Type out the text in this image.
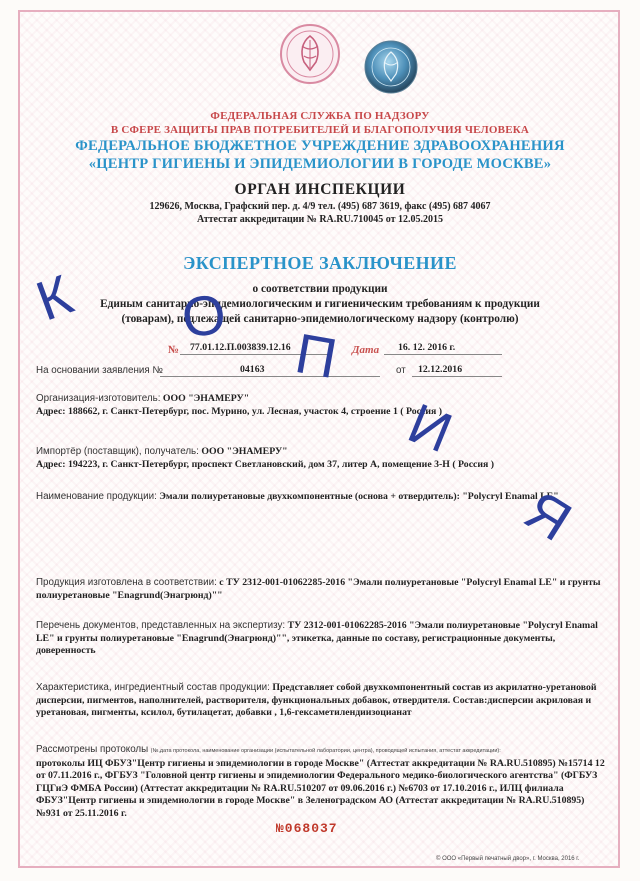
ФЕДЕРАЛЬНАЯ СЛУЖБА ПО НАДЗОРУ
В СФЕРЕ ЗАЩИТЫ ПРАВ ПОТРЕБИТЕЛЕЙ И БЛАГОПОЛУЧИЯ ЧЕЛОВЕКА
ФЕДЕРАЛЬНОЕ БЮДЖЕТНОЕ УЧРЕЖДЕНИЕ ЗДРАВООХРАНЕНИЯ
«ЦЕНТР ГИГИЕНЫ И ЭПИДЕМИОЛОГИИ В ГОРОДЕ МОСКВЕ»
ОРГАН ИНСПЕКЦИИ
129626, Москва, Графский пер. д. 4/9 тел. (495) 687 3619, факс (495) 687 4067
Аттестат аккредитации № RA.RU.710045 от 12.05.2015
ЭКСПЕРТНОЕ ЗАКЛЮЧЕНИЕ
о соответствии продукции
Единым санитарно-эпидемиологическим и гигиеническим требованиям к продукции
(товарам), подлежащей санитарно-эпидемиологическому надзору (контролю)
№ 77.01.12.П.003839.12.16	Дата 16. 12. 2016 г.
На основании заявления №	04163	от 12.12.2016
Организация-изготовитель: ООО "ЭНАМЕРУ"
Адрес: 188662, г. Санкт-Петербург, пос. Мурино, ул. Лесная, участок 4, строение 1 ( Россия )
Импортёр (поставщик), получатель: ООО "ЭНАМЕРУ"
Адрес: 194223, г. Санкт-Петербург, проспект Светлановский, дом 37, литер А, помещение 3-Н ( Россия )
Наименование продукции: Эмали полиуретановые двухкомпонентные (основа + отвердитель): "Polycryl Enamal LE"
Продукция изготовлена в соответствии: с ТУ 2312-001-01062285-2016 "Эмали полиуретановые "Polycryl Enamal LE" и грунты полиуретановые "Enagrund(Энагрюнд)""
Перечень документов, представленных на экспертизу: ТУ 2312-001-01062285-2016 "Эмали полиуретановые "Polycryl Enamal LE" и грунты полиуретановые "Enagrund(Энагрюнд)"", этикетка, данные по составу, регистрационные документы, доверенность
Характеристика, ингредиентный состав продукции: Представляет собой двухкомпонентный состав из акрилатно-уретановой дисперсии, пигментов, наполнителей, растворителя, функциональных добавок, отвердителя. Состав:дисперсии акриловая и уретановая, пигменты, ксилол, бутилацетат, добавки , 1,6-гексаметилендиизоцианат
Рассмотрены протоколы (№,дата протокола, наименование организации (испытательной лаборатории, центра), проводящей испытания, аттестат аккредитации):
протоколы ИЦ ФБУЗ"Центр гигиены и эпидемиологии в городе Москве" (Аттестат аккредитации № RA.RU.510895) №15714 12 от 07.11.2016 г., ФГБУЗ "Головной центр гигиены и эпидемиологии Федерального медико-биологического агентства" (ФГБУЗ ГЦГиЭ ФМБА России) (Аттестат аккредитации № RA.RU.510207 от 09.06.2016 г.) №6703 от 17.10.2016 г., ИЛЦ филиала ФБУЗ"Центр гигиены и эпидемиологии в городе Москве" в Зеленоградском АО (Аттестат аккредитации № RA.RU.510895) №931 от 25.11.2016 г.
№068037
© ООО «Первый печатный двор», г. Москва, 2016 г.
К О
П
И
Я
